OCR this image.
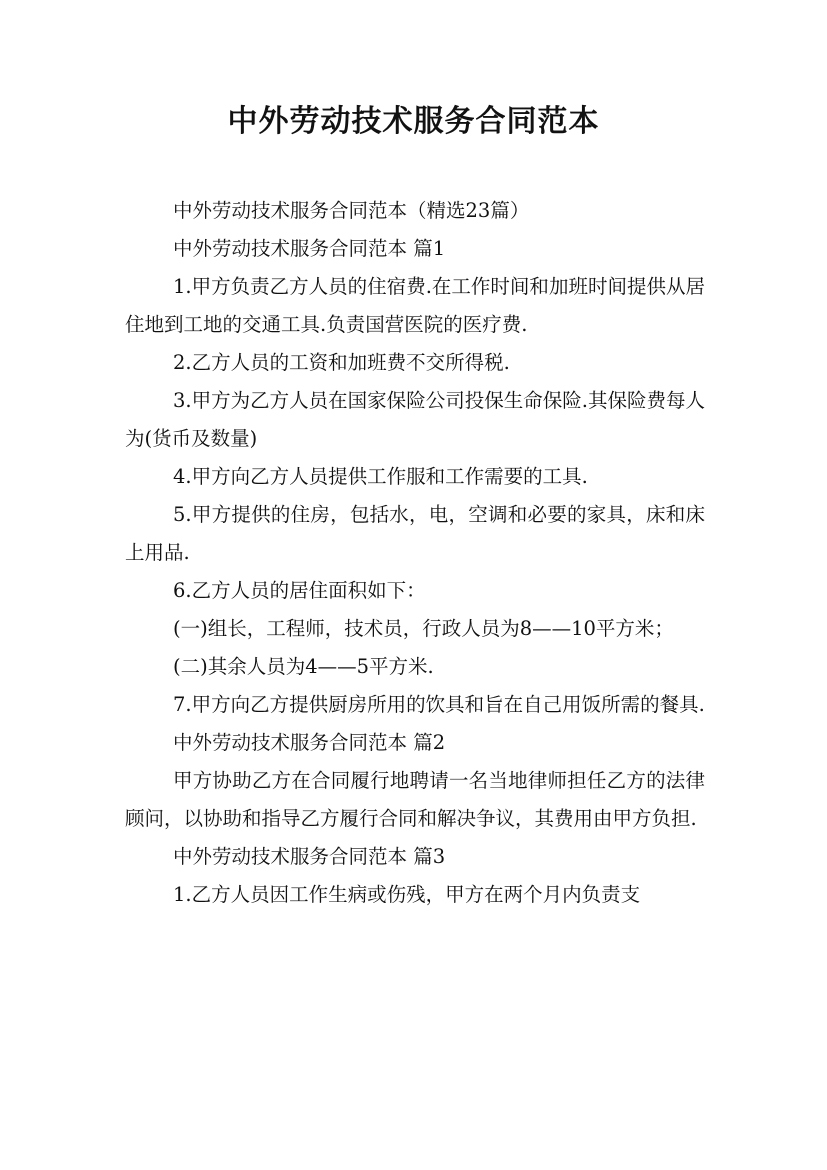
中外劳动技术服务合同范本

中外劳动技术服务合同范本（精选23篇）

中外劳动技术服务合同范本 篇1

1.甲方负责乙方人员的住宿费.在工作时间和加班时间提供从居住地到工地的交通工具.负责国营医院的医疗费.

2.乙方人员的工资和加班费不交所得税.

3.甲方为乙方人员在国家保险公司投保生命保险.其保险费每人为(货币及数量)

4.甲方向乙方人员提供工作服和工作需要的工具.

5.甲方提供的住房，包括水，电，空调和必要的家具，床和床上用品.

6.乙方人员的居住面积如下：

(一)组长，工程师，技术员，行政人员为8——10平方米；

(二)其余人员为4——5平方米.

7.甲方向乙方提供厨房所用的饮具和旨在自己用饭所需的餐具.

中外劳动技术服务合同范本 篇2

甲方协助乙方在合同履行地聘请一名当地律师担任乙方的法律顾问，以协助和指导乙方履行合同和解决争议，其费用由甲方负担.

中外劳动技术服务合同范本 篇3

1.乙方人员因工作生病或伤残，甲方在两个月内负责支
